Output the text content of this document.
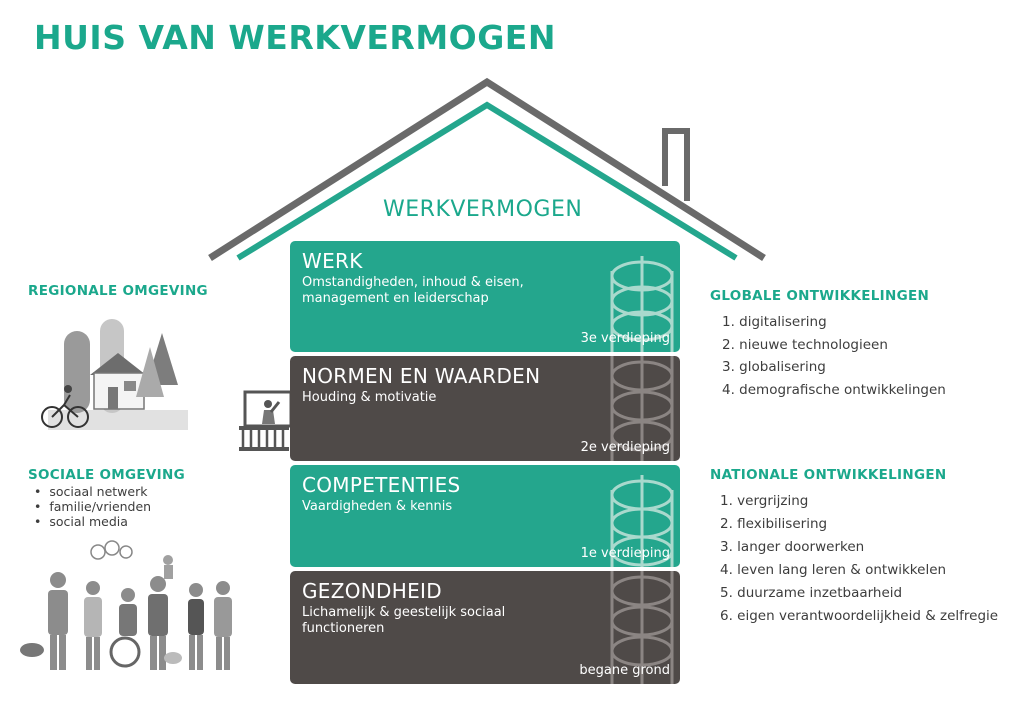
HUIS VAN WERKVERMOGEN
WERKVERMOGEN
WERK
Omstandigheden, inhoud & eisen, management en leiderschap
3e verdieping
NORMEN EN WAARDEN
Houding & motivatie
2e verdieping
COMPETENTIES
Vaardigheden & kennis
1e verdieping
GEZONDHEID
Lichamelijk & geestelijk sociaal functioneren
begane grond
REGIONALE OMGEVING
SOCIALE OMGEVING
• sociaal netwerk
• familie/vrienden
• social media
GLOBALE ONTWIKKELINGEN
1. digitalisering
2. nieuwe technologieen
3. globalisering
4. demografische ontwikkelingen
NATIONALE ONTWIKKELINGEN
1. vergrijzing
2. flexibilisering
3. langer doorwerken
4. leven lang leren & ontwikkelen
5. duurzame inzetbaarheid
6. eigen verantwoordelijkheid & zelfregie
